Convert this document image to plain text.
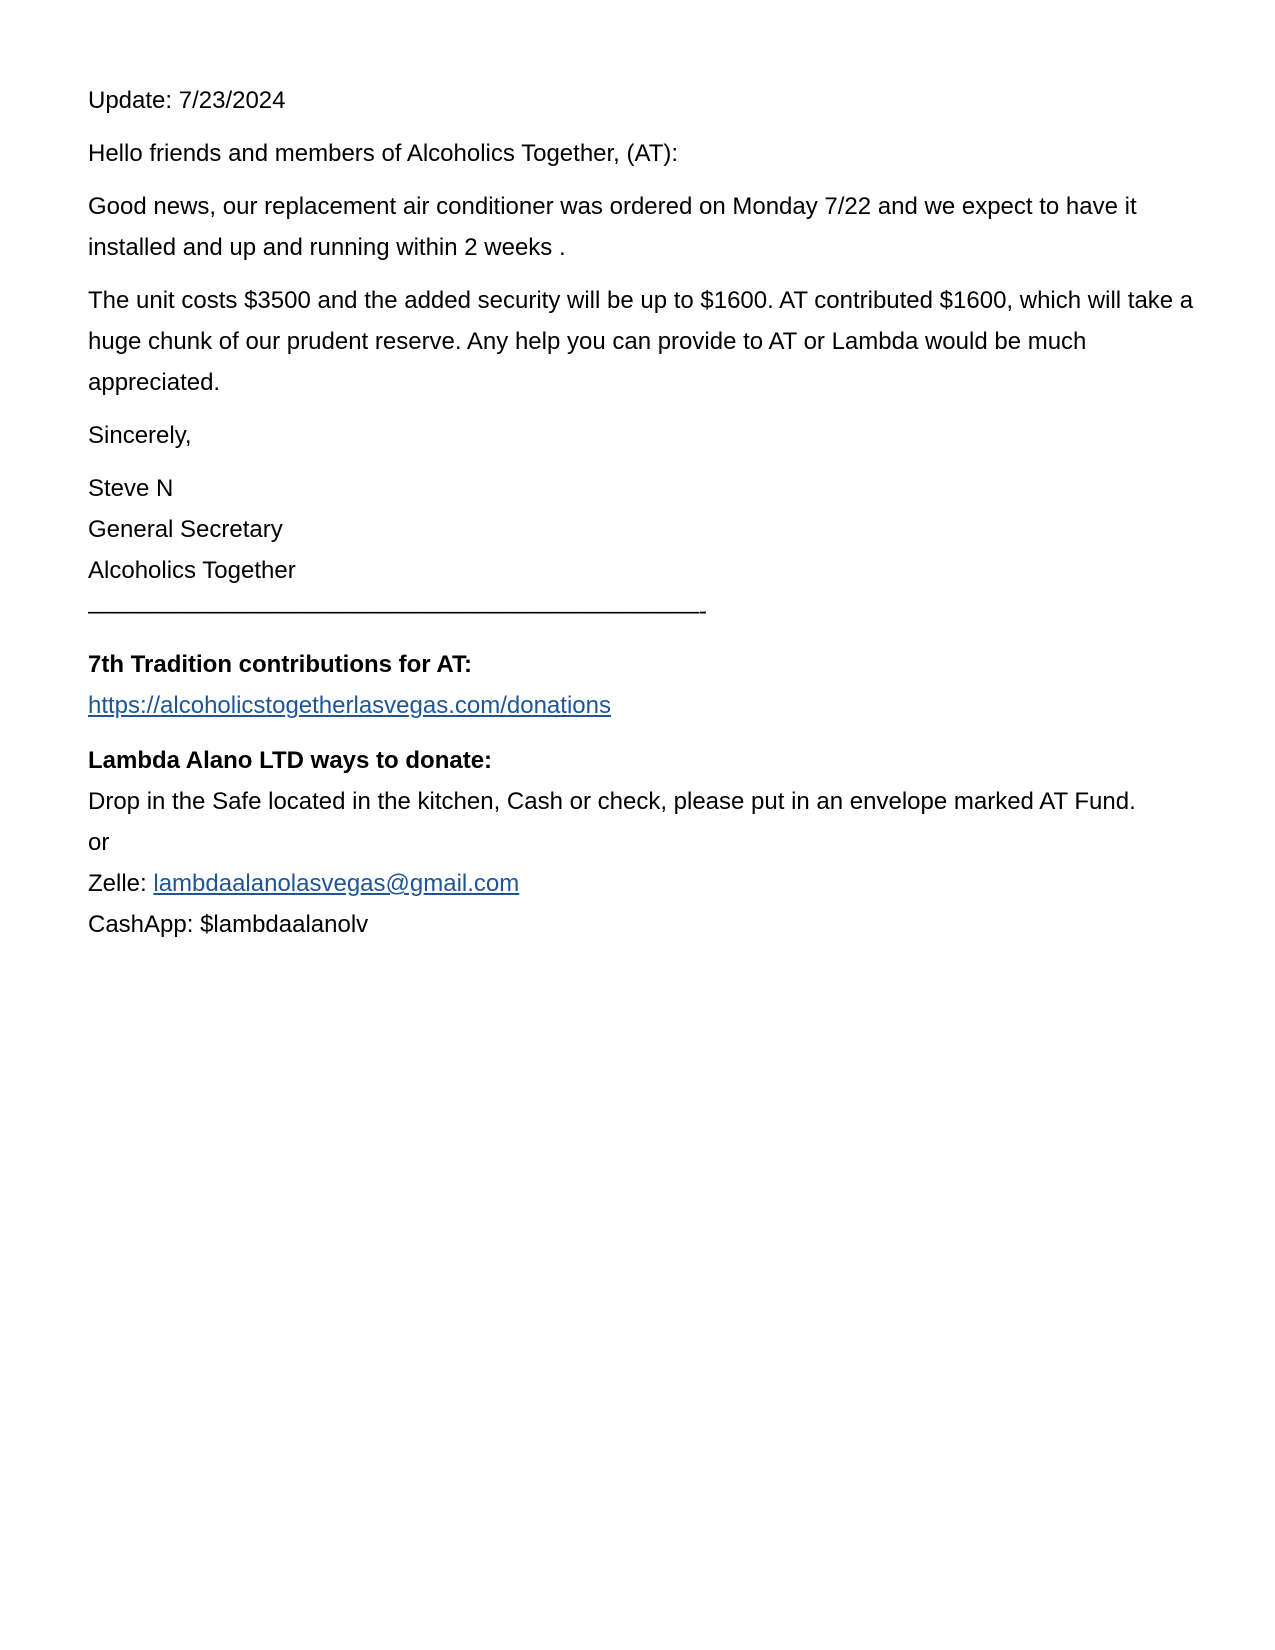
Update: 7/23/2024

Hello friends and members of Alcoholics Together, (AT):

Good news, our replacement air conditioner was ordered on Monday 7/22 and we expect to have it installed and up and running within 2 weeks .

The unit costs $3500 and the added security will be up to $1600. AT contributed $1600, which will take a huge chunk of our prudent reserve. Any help you can provide to AT or Lambda would be much appreciated.

Sincerely,

Steve N

General Secretary

Alcoholics Together

——————————————————————————-

7th Tradition contributions for AT:

https://alcoholicstogetherlasvegas.com/donations

Lambda Alano LTD ways to donate:

Drop in the Safe located in the kitchen, Cash or check, please put in an envelope marked AT Fund.

or

Zelle: lambdaalanolasvegas@gmail.com

CashApp: $lambdaalanolv
